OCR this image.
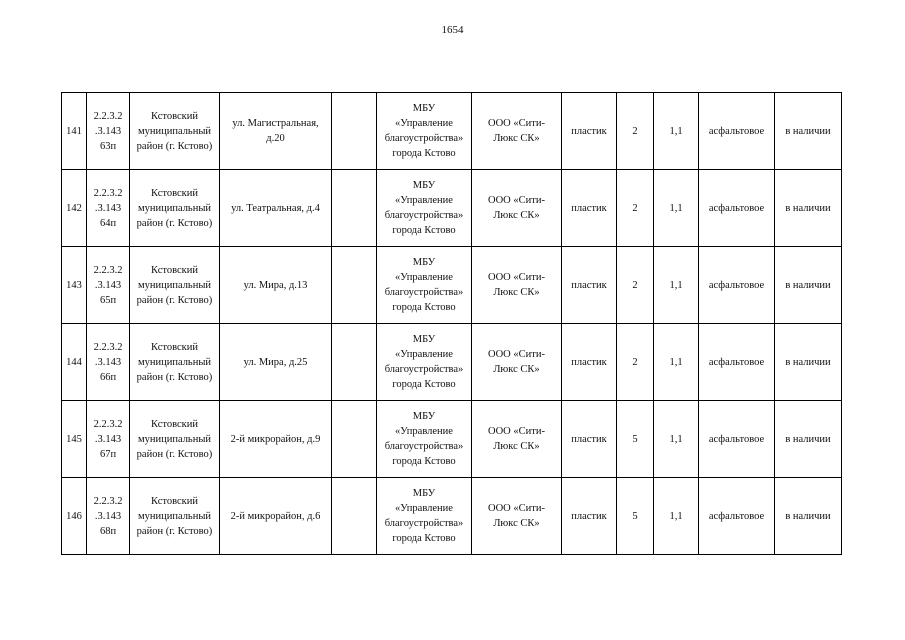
1654
141	2.2.3.2
.3.143
63п	Кстовский
муниципальный
район (г. Кстово)	ул. Магистральная,
д.20		МБУ
«Управление
благоустройства»
города Кстово	ООО «Сити-
Люкс СК»	пластик	2	1,1	асфальтовое	в наличии
142	2.2.3.2
.3.143
64п	Кстовский
муниципальный
район (г. Кстово)	ул. Театральная, д.4		МБУ
«Управление
благоустройства»
города Кстово	ООО «Сити-
Люкс СК»	пластик	2	1,1	асфальтовое	в наличии
143	2.2.3.2
.3.143
65п	Кстовский
муниципальный
район (г. Кстово)	ул. Мира, д.13		МБУ
«Управление
благоустройства»
города Кстово	ООО «Сити-
Люкс СК»	пластик	2	1,1	асфальтовое	в наличии
144	2.2.3.2
.3.143
66п	Кстовский
муниципальный
район (г. Кстово)	ул. Мира, д.25		МБУ
«Управление
благоустройства»
города Кстово	ООО «Сити-
Люкс СК»	пластик	2	1,1	асфальтовое	в наличии
145	2.2.3.2
.3.143
67п	Кстовский
муниципальный
район (г. Кстово)	2-й микрорайон, д.9		МБУ
«Управление
благоустройства»
города Кстово	ООО «Сити-
Люкс СК»	пластик	5	1,1	асфальтовое	в наличии
146	2.2.3.2
.3.143
68п	Кстовский
муниципальный
район (г. Кстово)	2-й микрорайон, д.6		МБУ
«Управление
благоустройства»
города Кстово	ООО «Сити-
Люкс СК»	пластик	5	1,1	асфальтовое	в наличии
